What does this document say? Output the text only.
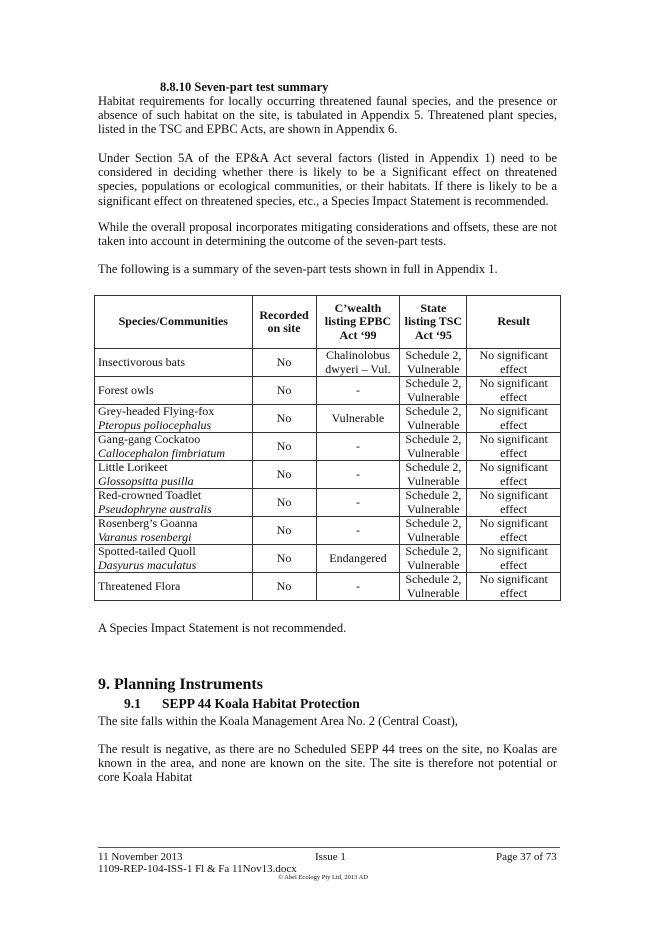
8.8.10 Seven-part test summary
Habitat requirements for locally occurring threatened faunal species, and the presence or absence of such habitat on the site, is tabulated in Appendix 5. Threatened plant species, listed in the TSC and EPBC Acts, are shown in Appendix 6.
Under Section 5A of the EP&A Act several factors (listed in Appendix 1) need to be considered in deciding whether there is likely to be a Significant effect on threatened species, populations or ecological communities, or their habitats. If there is likely to be a significant effect on threatened species, etc., a Species Impact Statement is recommended.
While the overall proposal incorporates mitigating considerations and offsets, these are not taken into account in determining the outcome of the seven-part tests.
The following is a summary of the seven-part tests shown in full in Appendix 1.
Species/Communities	Recorded on site	C’wealth listing EPBC Act ‘99	State listing TSC Act ‘95	Result
Insectivorous bats	No	Chalinolobus dwyeri – Vul.	Schedule 2, Vulnerable	No significant effect
Forest owls	No	-	Schedule 2, Vulnerable	No significant effect
Grey-headed Flying-fox
Pteropus poliocephalus	No	Vulnerable	Schedule 2, Vulnerable	No significant effect
Gang-gang Cockatoo
Callocephalon fimbriatum	No	-	Schedule 2, Vulnerable	No significant effect
Little Lorikeet
Glossopsitta pusilla	No	-	Schedule 2, Vulnerable	No significant effect
Red-crowned Toadlet
Pseudophryne australis	No	-	Schedule 2, Vulnerable	No significant effect
Rosenberg’s Goanna
Varanus rosenbergi	No	-	Schedule 2, Vulnerable	No significant effect
Spotted-tailed Quoll
Dasyurus maculatus	No	Endangered	Schedule 2, Vulnerable	No significant effect
Threatened Flora	No	-	Schedule 2, Vulnerable	No significant effect
A Species Impact Statement is not recommended.
9. Planning Instruments
9.1 SEPP 44 Koala Habitat Protection
The site falls within the Koala Management Area No. 2 (Central Coast),
The result is negative, as there are no Scheduled SEPP 44 trees on the site, no Koalas are known in the area, and none are known on the site. The site is therefore not potential or core Koala Habitat
11 November 2013	Issue 1	Page 37 of 73
1109-REP-104-ISS-1 Fl & Fa 11Nov13.docx
© Abel Ecology Pty Ltd, 2013 AD
